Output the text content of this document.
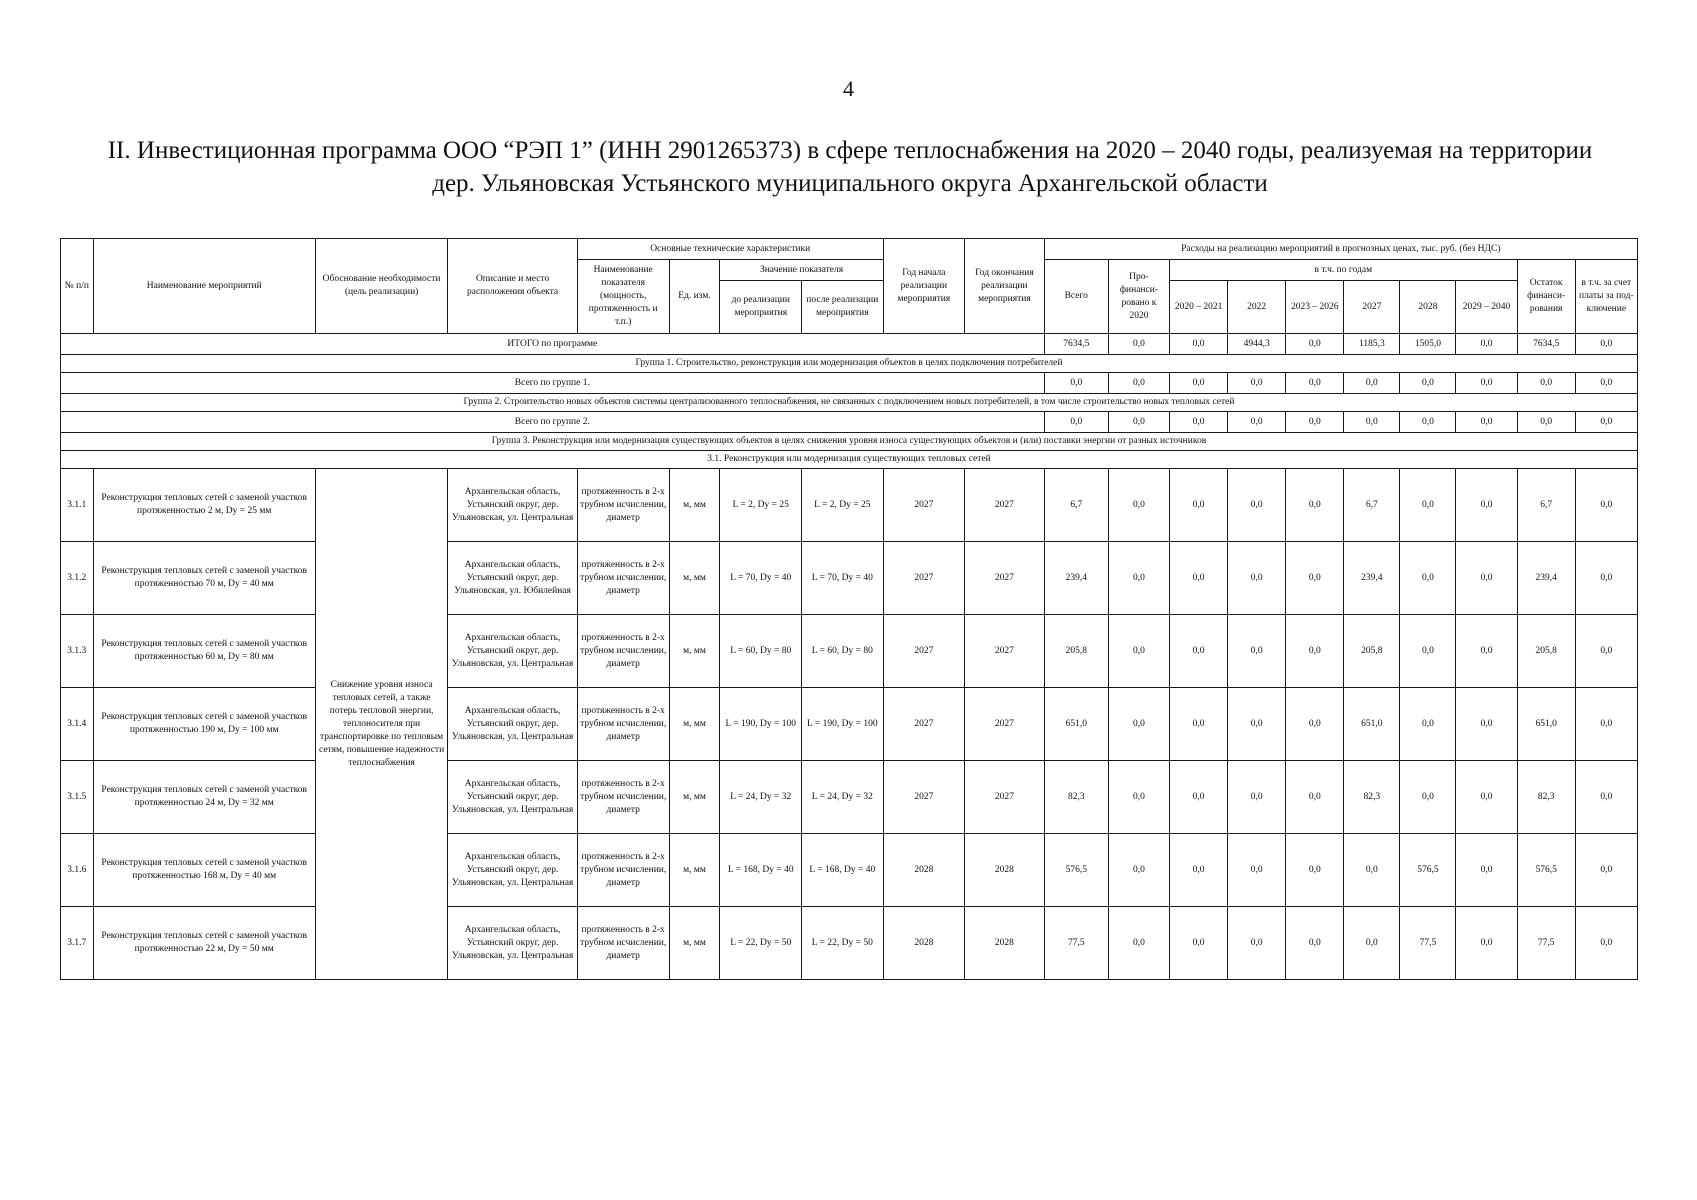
4
II. Инвестиционная программа ООО “РЭП 1” (ИНН 2901265373) в сфере теплоснабжения на 2020 – 2040 годы, реализуемая на территории
дер. Ульяновская Устьянского муниципального округа Архангельской области
№ п/п	Наименование мероприятий	Обоснование необходимости (цель реализации)	Описание и место расположения объекта	Основные технические характеристики				Год начала реализации мероприятия	Год окончания реализации мероприятия	Расходы на реализацию мероприятий в прогнозных ценах, тыс. руб. (без НДС)									
				Наименование показателя (мощность, протяженность и т.п.)	Ед. изм.	Значение показателя				Всего	Про- финанси- ровано к 2020	в т.ч. по годам						Остаток финанси- рования	в т.ч. за счет платы за под- ключение
						до реализации мероприятия	после реализации мероприятия					2020 – 2021	2022	2023 – 2026	2027	2028	2029 – 2040		
ИТОГО по программе										7634,5	0,0	0,0	4944,3	0,0	1185,3	1505,0	0,0	7634,5	0,0
Группа 1. Строительство, реконструкция или модернизация объектов в целях подключения потребителей																			
Всего по группе 1.										0,0	0,0	0,0	0,0	0,0	0,0	0,0	0,0	0,0	0,0
Группа 2. Строительство новых объектов системы централизованного теплоснабжения, не связанных с подключением новых потребителей, в том числе строительство новых тепловых сетей																			
Всего по группе 2.										0,0	0,0	0,0	0,0	0,0	0,0	0,0	0,0	0,0	0,0
Группа 3. Реконструкция или модернизация существующих объектов в целях снижения уровня износа существующих объектов и (или) поставки энергии от разных источников																			
3.1. Реконструкция или модернизация существующих тепловых сетей																			
3.1.1	Реконструкция тепловых сетей с заменой участков протяженностью 2 м, Dу = 25 мм	Снижение уровня износа тепловых сетей, а также потерь тепловой энергии, теплоносителя при транспортировке по тепловым сетям, повышение надежности теплоснабжения	Архангельская область, Устьянский округ, дер. Ульяновская, ул. Центральная	протяженность в 2-х трубном исчислении, диаметр	м, мм	L = 2, Dу = 25	L = 2, Dу = 25	2027	2027	6,7	0,0	0,0	0,0	0,0	6,7	0,0	0,0	6,7	0,0
3.1.2	Реконструкция тепловых сетей с заменой участков протяженностью 70 м, Dу = 40 мм		Архангельская область, Устьянский округ, дер. Ульяновская, ул. Юбилейная	протяженность в 2-х трубном исчислении, диаметр	м, мм	L = 70, Dу = 40	L = 70, Dу = 40	2027	2027	239,4	0,0	0,0	0,0	0,0	239,4	0,0	0,0	239,4	0,0
3.1.3	Реконструкция тепловых сетей с заменой участков протяженностью 60 м, Dу = 80 мм		Архангельская область, Устьянский округ, дер. Ульяновская, ул. Центральная	протяженность в 2-х трубном исчислении, диаметр	м, мм	L = 60, Dу = 80	L = 60, Dу = 80	2027	2027	205,8	0,0	0,0	0,0	0,0	205,8	0,0	0,0	205,8	0,0
3.1.4	Реконструкция тепловых сетей с заменой участков протяженностью 190 м, Dу = 100 мм		Архангельская область, Устьянский округ, дер. Ульяновская, ул. Центральная	протяженность в 2-х трубном исчислении, диаметр	м, мм	L = 190, Dу = 100	L = 190, Dу = 100	2027	2027	651,0	0,0	0,0	0,0	0,0	651,0	0,0	0,0	651,0	0,0
3.1.5	Реконструкция тепловых сетей с заменой участков протяженностью 24 м, Dу = 32 мм		Архангельская область, Устьянский округ, дер. Ульяновская, ул. Центральная	протяженность в 2-х трубном исчислении, диаметр	м, мм	L = 24, Dу = 32	L = 24, Dу = 32	2027	2027	82,3	0,0	0,0	0,0	0,0	82,3	0,0	0,0	82,3	0,0
3.1.6	Реконструкция тепловых сетей с заменой участков протяженностью 168 м, Dу = 40 мм		Архангельская область, Устьянский округ, дер. Ульяновская, ул. Центральная	протяженность в 2-х трубном исчислении, диаметр	м, мм	L = 168, Dу = 40	L = 168, Dу = 40	2028	2028	576,5	0,0	0,0	0,0	0,0	0,0	576,5	0,0	576,5	0,0
3.1.7	Реконструкция тепловых сетей с заменой участков протяженностью 22 м, Dу = 50 мм		Архангельская область, Устьянский округ, дер. Ульяновская, ул. Центральная	протяженность в 2-х трубном исчислении, диаметр	м, мм	L = 22, Dу = 50	L = 22, Dу = 50	2028	2028	77,5	0,0	0,0	0,0	0,0	0,0	77,5	0,0	77,5	0,0
